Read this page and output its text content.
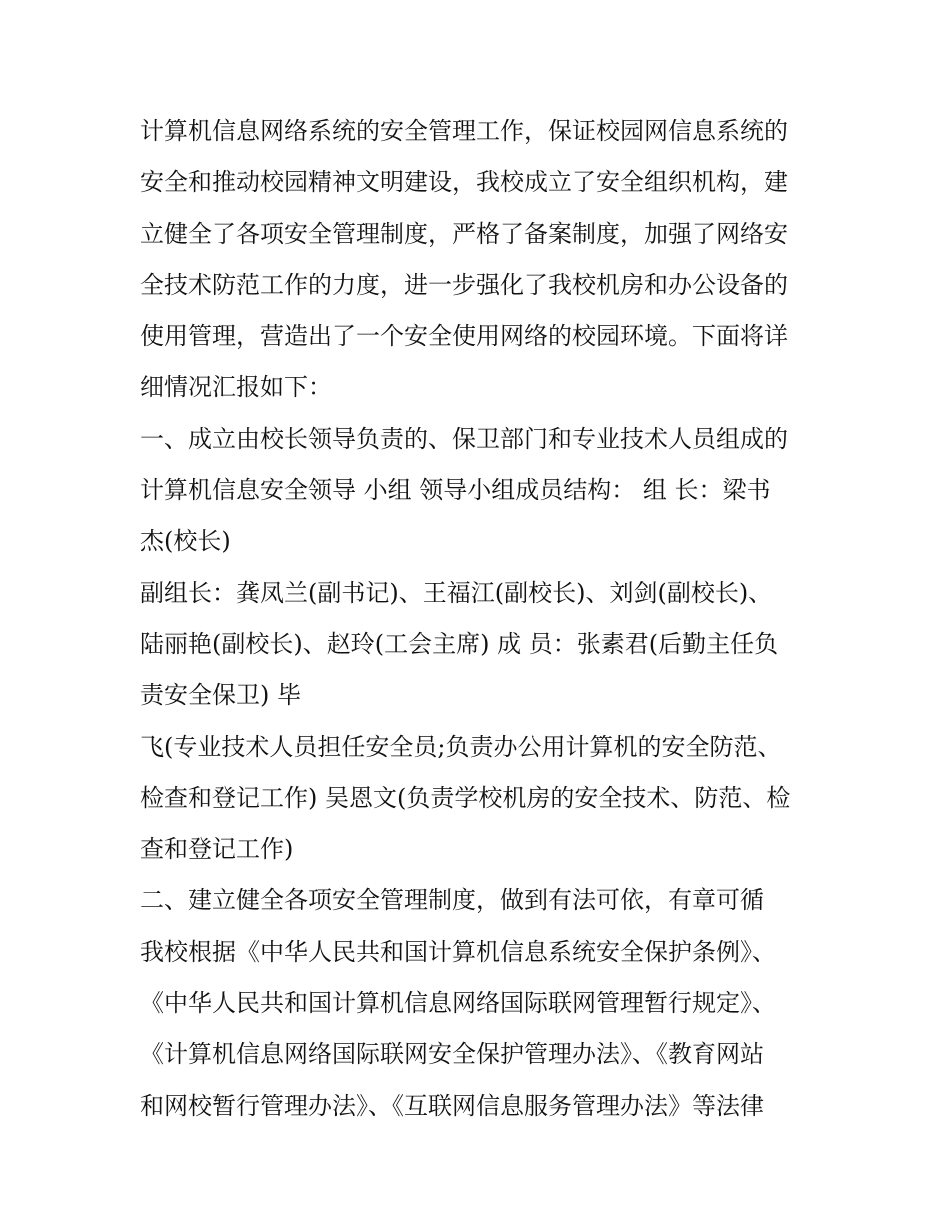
计算机信息网络系统的安全管理工作，保证校园网信息系统的
安全和推动校园精神文明建设，我校成立了安全组织机构，建
立健全了各项安全管理制度，严格了备案制度，加强了网络安
全技术防范工作的力度，进一步强化了我校机房和办公设备的
使用管理，营造出了一个安全使用网络的校园环境。下面将详
细情况汇报如下：
一、成立由校长领导负责的、保卫部门和专业技术人员组成的
计算机信息安全领导 小组 领导小组成员结构： 组 长：梁书
杰(校长)
副组长：龚凤兰(副书记)、王福江(副校长)、刘剑(副校长)、
陆丽艳(副校长)、赵玲(工会主席) 成 员：张素君(后勤主任负
责安全保卫) 毕
飞(专业技术人员担任安全员;负责办公用计算机的安全防范、
检查和登记工作) 吴恩文(负责学校机房的安全技术、防范、检
查和登记工作)
二、建立健全各项安全管理制度，做到有法可依，有章可循
我校根据《中华人民共和国计算机信息系统安全保护条例》、
《中华人民共和国计算机信息网络国际联网管理暂行规定》、
《计算机信息网络国际联网安全保护管理办法》、《教育网站
和网校暂行管理办法》、《互联网信息服务管理办法》等法律
